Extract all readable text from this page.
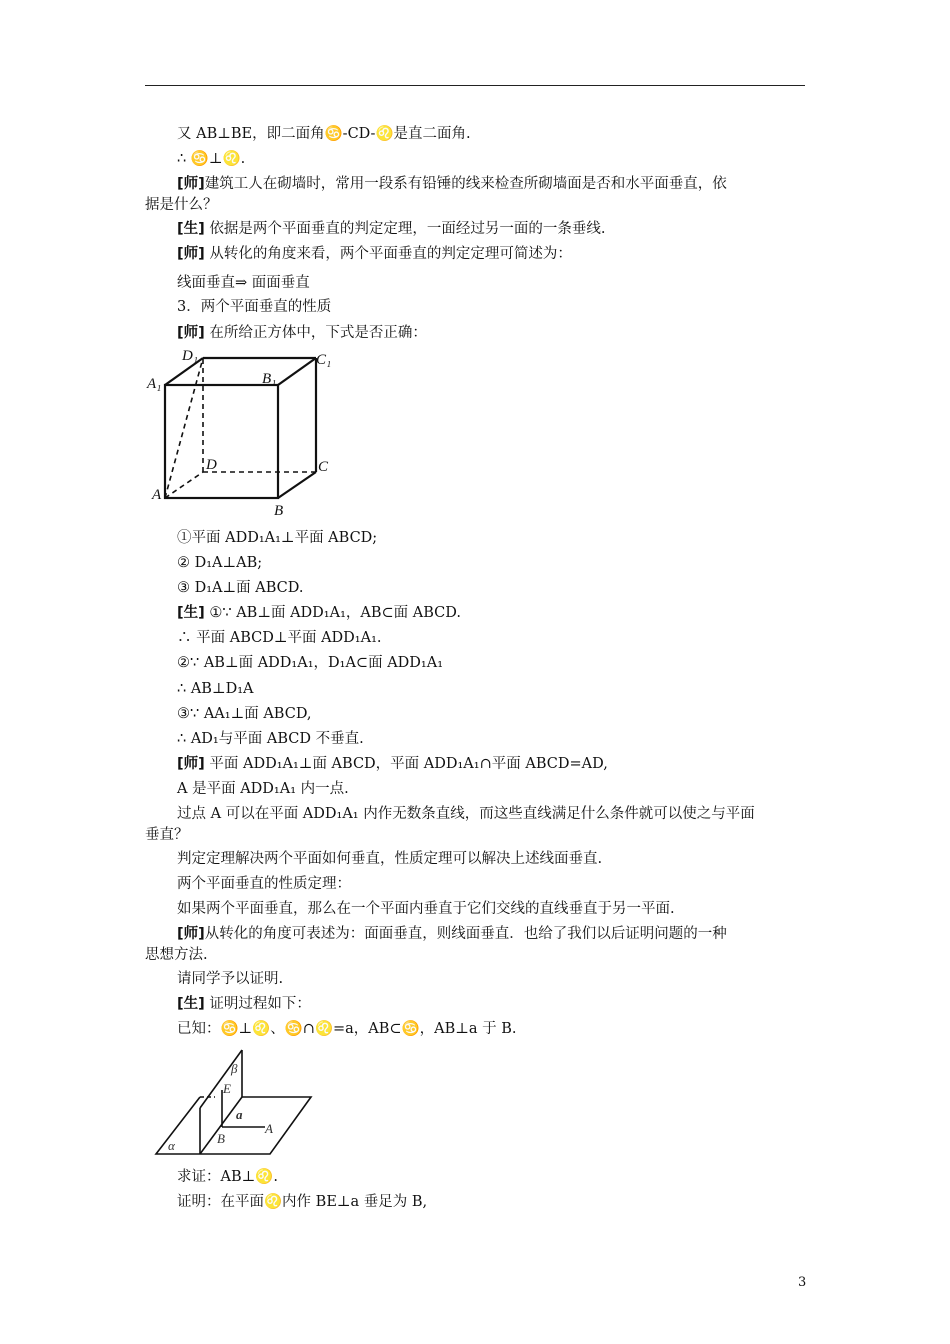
又 AB⊥BE，即二面角♋-CD-♌是直二面角.
∴ ♋⊥♌.
[师]建筑工人在砌墙时，常用一段系有铅锤的线来检查所砌墙面是否和水平面垂直，依
据是什么？
[生] 依据是两个平面垂直的判定定理，一面经过另一面的一条垂线.
[师] 从转化的角度来看，两个平面垂直的判定定理可简述为：
线面垂直⇒ 面面垂直
3．两个平面垂直的性质
[师] 在所给正方体中，下式是否正确：
①平面 ADD₁A₁⊥平面 ABCD;
② D₁A⊥AB;
③ D₁A⊥面 ABCD.
[生] ①∵ AB⊥面 ADD₁A₁，AB⊂面 ABCD.
∴ 平面 ABCD⊥平面 ADD₁A₁.
②∵ AB⊥面 ADD₁A₁，D₁A⊂面 ADD₁A₁
∴ AB⊥D₁A
③∵ AA₁⊥面 ABCD,
∴ AD₁与平面 ABCD 不垂直.
[师] 平面 ADD₁A₁⊥面 ABCD，平面 ADD₁A₁∩平面 ABCD=AD,
A 是平面 ADD₁A₁ 内一点.
过点 A 可以在平面 ADD₁A₁ 内作无数条直线，而这些直线满足什么条件就可以使之与平面
垂直？
判定定理解决两个平面如何垂直，性质定理可以解决上述线面垂直.
两个平面垂直的性质定理：
如果两个平面垂直，那么在一个平面内垂直于它们交线的直线垂直于另一平面.
[师]从转化的角度可表述为：面面垂直，则线面垂直．也给了我们以后证明问题的一种
思想方法.
请同学予以证明.
[生] 证明过程如下：
已知：♋⊥♌、♋∩♌=a，AB⊂♋，AB⊥a 于 B.
求证：AB⊥♌.
证明：在平面♌内作 BE⊥a 垂足为 B,
D₁	C₁
A₁	B₁
D	C
A
B
β
E
a
A
B
α
3
